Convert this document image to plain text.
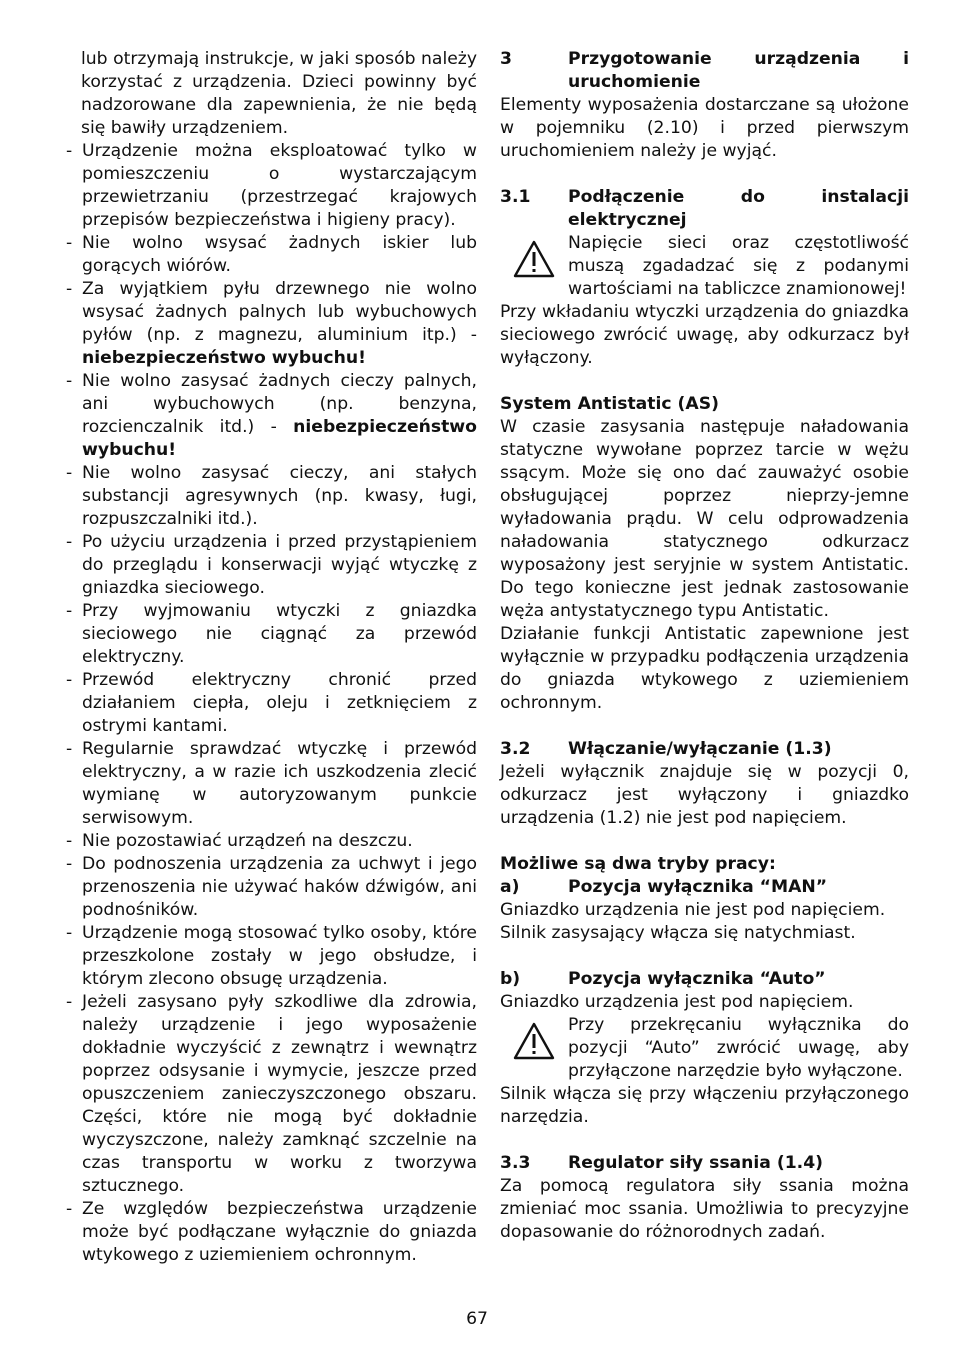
lub otrzymają instrukcje, w jaki sposób należy korzystać z urządzenia. Dzieci powinny być nadzorowane dla zapewnienia, że nie będą się bawiły urządzeniem.

- Urządzenie można eksploatować tylko w pomieszczeniu o wystarczającym przewietrzaniu (przestrzegać krajowych przepisów bezpieczeństwa i higieny pracy).
- Nie wolno wsysać żadnych iskier lub gorących wiórów.
- Za wyjątkiem pyłu drzewnego nie wolno wsysać żadnych palnych lub wybuchowych pyłów (np. z magnezu, aluminium itp.) - niebezpieczeństwo wybuchu!
- Nie wolno zasysać żadnych cieczy palnych, ani wybuchowych (np. benzyna, rozcienczalnik itd.) - niebezpieczeństwo wybuchu!
- Nie wolno zasysać cieczy, ani stałych substancji agresywnych (np. kwasy, ługi, rozpuszczalniki itd.).
- Po użyciu urządzenia i przed przystąpieniem do przeglądu i konserwacji wyjąć wtyczkę z gniazdka sieciowego.
- Przy wyjmowaniu wtyczki z gniazdka sieciowego nie ciągnąć za przewód elektryczny.
- Przewód elektryczny chronić przed działaniem ciepła, oleju i zetknięciem z ostrymi kantami.
- Regularnie sprawdzać wtyczkę i przewód elektryczny, a w razie ich uszkodzenia zlecić wymianę w autoryzowanym punkcie serwisowym.
- Nie pozostawiać urządzeń na deszczu.
- Do podnoszenia urządzenia za uchwyt i jego przenoszenia nie używać haków dźwigów, ani podnośników.
- Urządzenie mogą stosować tylko osoby, które przeszkolone zostały w jego obsłudze, i którym zlecono obsugę urządzenia.
- Jeżeli zasysano pyły szkodliwe dla zdrowia, należy urządzenie i jego wyposażenie dokładnie wyczyścić z zewnątrz i wewnątrz poprzez odsysanie i wymycie, jeszcze przed opuszczeniem zanieczyszczonego obszaru. Części, które nie mogą być dokładnie wyczyszczone, należy zamknąć szczelnie na czas transportu w worku z tworzywa sztucznego.
- Ze względów bezpieczeństwa urządzenie może być podłączane wyłącznie do gniazda wtykowego z uziemieniem ochronnym.
3	Przygotowanie urządzenia i uruchomienie

Elementy wyposażenia dostarczane są ułożone w pojemniku (2.10) i przed pierwszym uruchomieniem należy je wyjąć.

3.1	Podłączenie do instalacji elektrycznej
Napięcie sieci oraz częstotliwość muszą zgadadzać się z podanymi wartościami na tabliczce znamionowej!

Przy wkładaniu wtyczki urządzenia do gniazdka sieciowego zwrócić uwagę, aby odkurzacz był wyłączony.

System Antistatic (AS)

W czasie zasysania następuje naładowania statyczne wywołane poprzez tarcie w wężu ssącym. Może się ono dać zauważyć osobie obsługującej poprzez nieprzy-jemne wyładowania prądu. W celu odprowadzenia naładowania statycznego odkurzacz wyposażony jest seryjnie w system Antistatic. Do tego konieczne jest jednak zastosowanie węża antystatycznego typu Antistatic.

Działanie funkcji Antistatic zapewnione jest wyłącznie w przypadku podłączenia urządzenia do gniazda wtykowego z uziemieniem ochronnym.

3.2	Włączanie/wyłączanie (1.3)

Jeżeli wyłącznik znajduje się w pozycji 0, odkurzacz jest wyłączony i gniazdko urządzenia (1.2) nie jest pod napięciem.

Możliwe są dwa tryby pracy:
a)	Pozycja wyłącznika “MAN”

Gniazdko urządzenia nie jest pod napięciem.

Silnik zasysający włącza się natychmiast.

b)	Pozycja wyłącznika “Auto”

Gniazdko urządzenia jest pod napięciem.

Przy przekręcaniu wyłącznika do pozycji “Auto” zwrócić uwagę, aby przyłączone narzędzie było wyłączone.

Silnik włącza się przy włączeniu przyłączonego narzędzia.

3.3	Regulator siły ssania (1.4)

Za pomocą regulatora siły ssania można zmieniać moc ssania. Umożliwia to precyzyjne dopasowanie do różnorodnych zadań.

67
